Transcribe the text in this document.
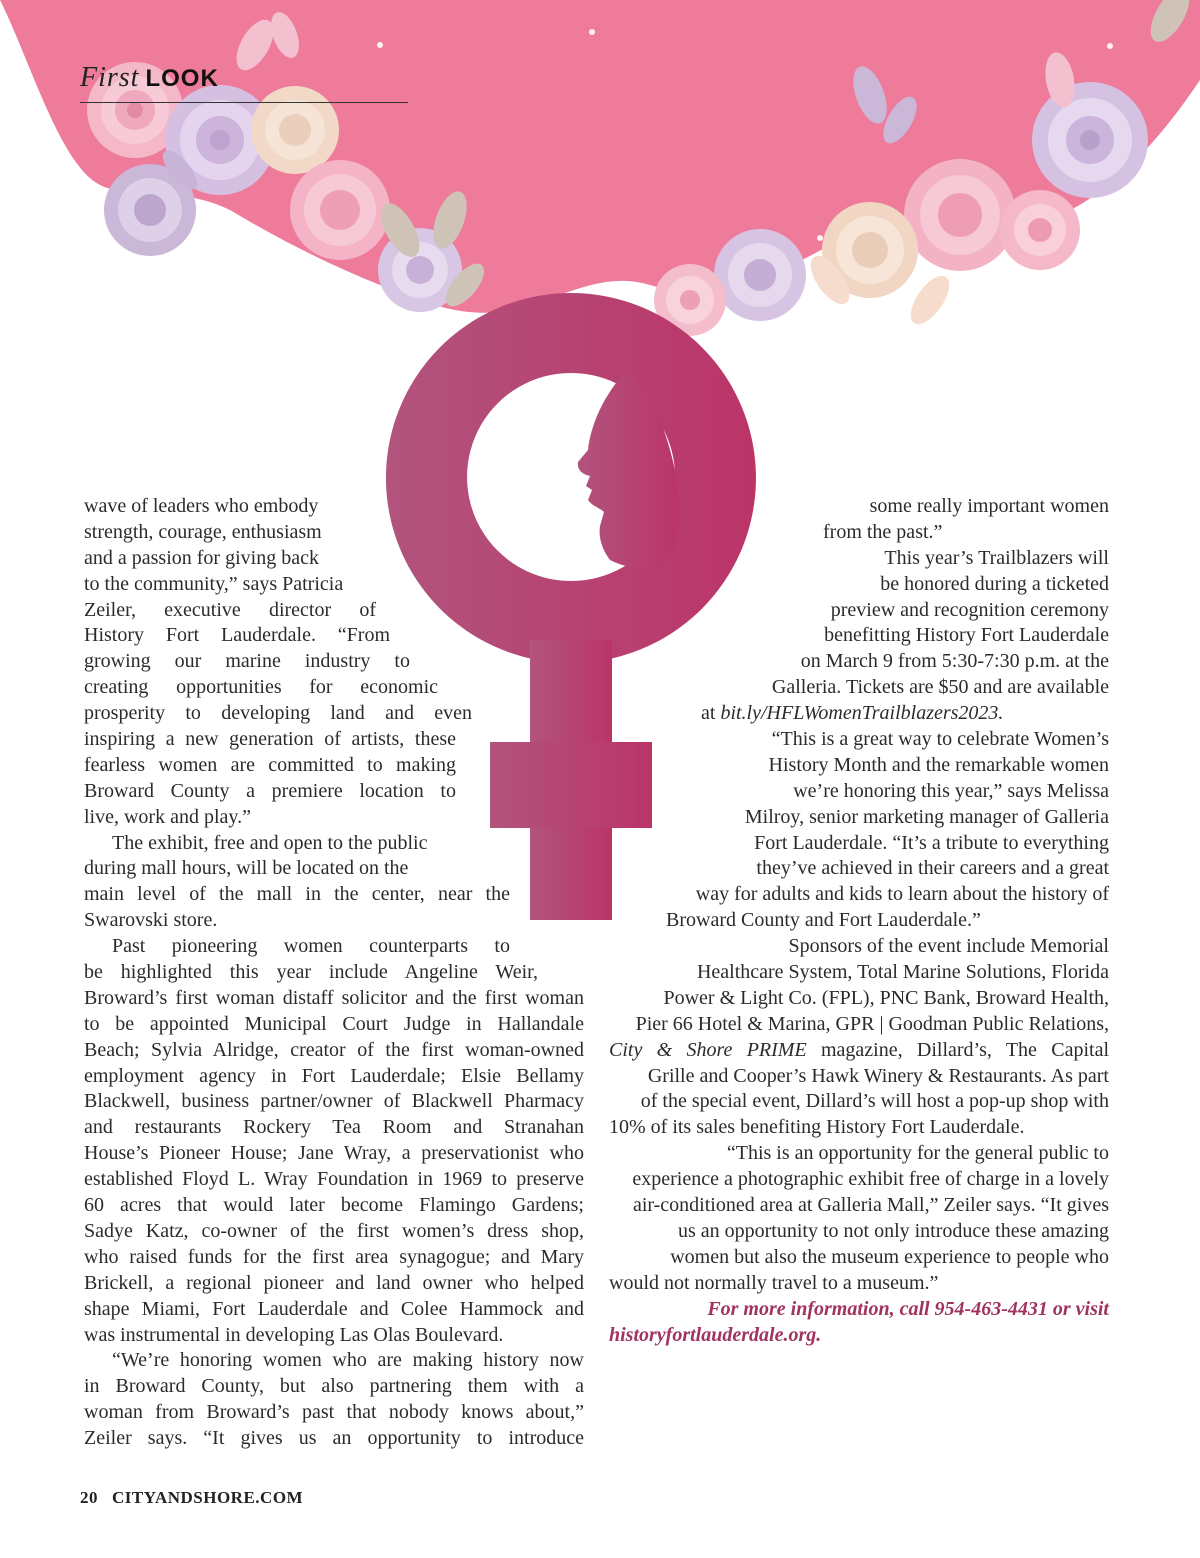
First LOOK
wave of leaders who embody
strength, courage, enthusiasm
and a passion for giving back
to the community,” says Patricia
Zeiler, executive director of
History Fort Lauderdale. “From
growing our marine industry to
creating opportunities for economic
prosperity to developing land and even
inspiring a new generation of artists, these
fearless women are committed to making
Broward County a premiere location to
live, work and play.”
The exhibit, free and open to the public
during mall hours, will be located on the
main level of the mall in the center, near the
Swarovski store.
Past pioneering women counterparts to
be highlighted this year include Angeline Weir,
Broward’s first woman distaff solicitor and the first woman
to be appointed Municipal Court Judge in Hallandale
Beach; Sylvia Alridge, creator of the first woman-owned
employment agency in Fort Lauderdale; Elsie Bellamy
Blackwell, business partner/owner of Blackwell Pharmacy
and restaurants Rockery Tea Room and Stranahan
House’s Pioneer House; Jane Wray, a preservationist who
established Floyd L. Wray Foundation in 1969 to preserve
60 acres that would later become Flamingo Gardens;
Sadye Katz, co-owner of the first women’s dress shop,
who raised funds for the first area synagogue; and Mary
Brickell, a regional pioneer and land owner who helped
shape Miami, Fort Lauderdale and Colee Hammock and
was instrumental in developing Las Olas Boulevard.
“We’re honoring women who are making history now
in Broward County, but also partnering them with a
woman from Broward’s past that nobody knows about,”
Zeiler says. “It gives us an opportunity to introduce
some really important women
from the past.”
This year’s Trailblazers will
be honored during a ticketed
preview and recognition ceremony
benefitting History Fort Lauderdale
on March 9 from 5:30-7:30 p.m. at the
Galleria. Tickets are $50 and are available
at bit.ly/HFLWomenTrailblazers2023.
“This is a great way to celebrate Women’s
History Month and the remarkable women
we’re honoring this year,” says Melissa
Milroy, senior marketing manager of Galleria
Fort Lauderdale. “It’s a tribute to everything
they’ve achieved in their careers and a great
way for adults and kids to learn about the history of
Broward County and Fort Lauderdale.”
Sponsors of the event include Memorial
Healthcare System, Total Marine Solutions, Florida
Power & Light Co. (FPL), PNC Bank, Broward Health,
Pier 66 Hotel & Marina, GPR | Goodman Public Relations,
City & Shore PRIME magazine, Dillard’s, The Capital
Grille and Cooper’s Hawk Winery & Restaurants. As part
of the special event, Dillard’s will host a pop-up shop with
10% of its sales benefiting History Fort Lauderdale.
“This is an opportunity for the general public to
experience a photographic exhibit free of charge in a lovely
air-conditioned area at Galleria Mall,” Zeiler says. “It gives
us an opportunity to not only introduce these amazing
women but also the museum experience to people who
would not normally travel to a museum.”
For more information, call 954-463-4431 or visit
historyfortlauderdale.org.
20 CITYANDSHORE.COM
